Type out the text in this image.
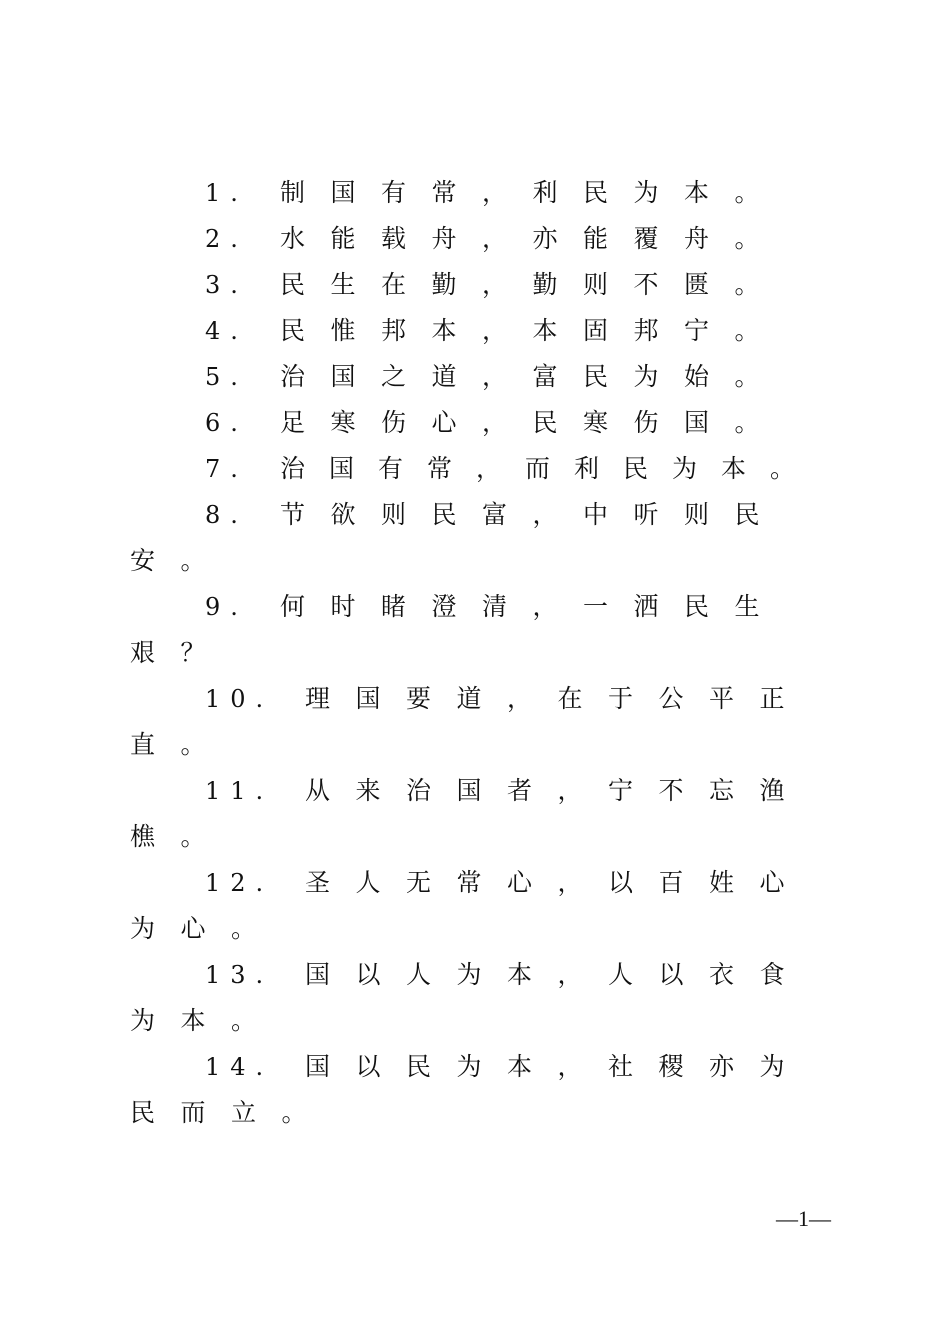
1. 制国有常，利民为本。
2. 水能载舟，亦能覆舟。
3. 民生在勤，勤则不匮。
4. 民惟邦本，本固邦宁。
5. 治国之道，富民为始。
6. 足寒伤心，民寒伤国。
7. 治国有常，而利民为本。
8. 节欲则民富，中听则民
安。
9. 何时睹澄清，一洒民生
艰？
10. 理国要道，在于公平正
直。
11. 从来治国者，宁不忘渔
樵。
12. 圣人无常心，以百姓心
为心。
13. 国以人为本，人以衣食
为本。
14. 国以民为本，社稷亦为
民而立。
—1—
